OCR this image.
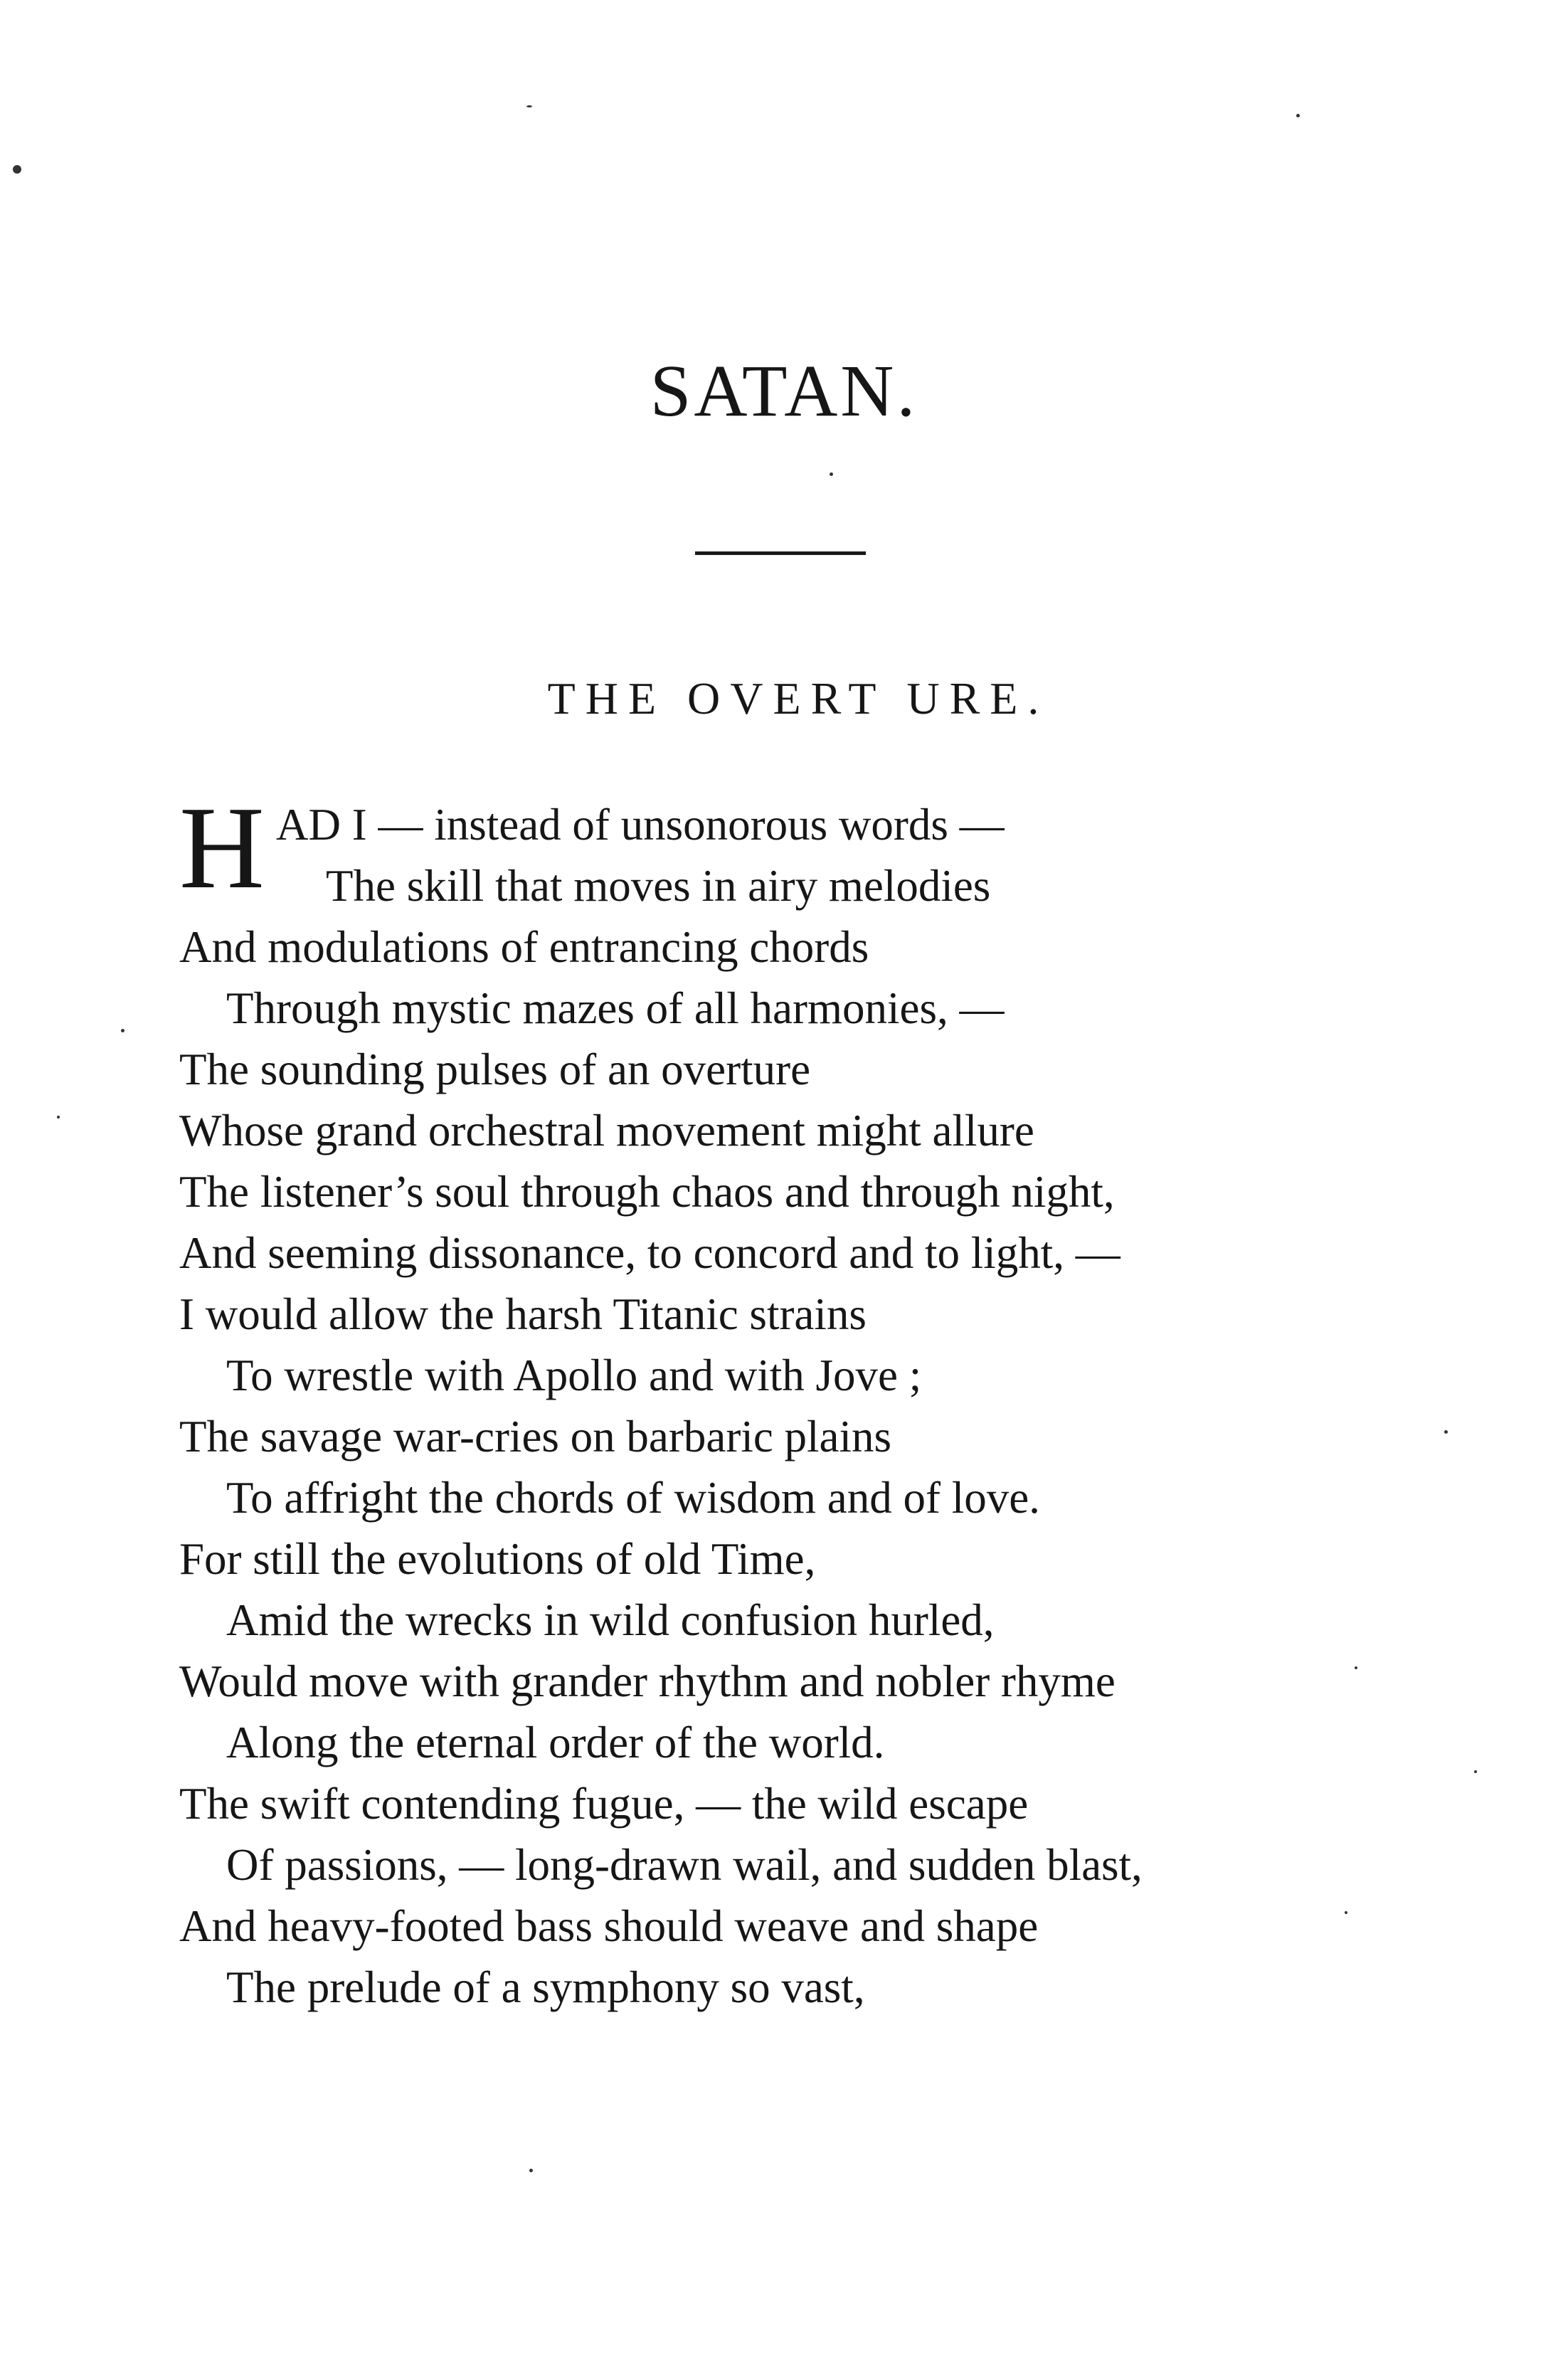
SATAN.
THE OVERT URE.
H AD I — instead of unsonorous words —
The skill that moves in airy melodies
And modulations of entrancing chords
Through mystic mazes of all harmonies, —
The sounding pulses of an overture
Whose grand orchestral movement might allure
The listener’s soul through chaos and through night,
And seeming dissonance, to concord and to light, —
I would allow the harsh Titanic strains
To wrestle with Apollo and with Jove ;
The savage war-cries on barbaric plains
To affright the chords of wisdom and of love.
For still the evolutions of old Time,
Amid the wrecks in wild confusion hurled,
Would move with grander rhythm and nobler rhyme
Along the eternal order of the world.
The swift contending fugue, — the wild escape
Of passions, — long-drawn wail, and sudden blast,
And heavy-footed bass should weave and shape
The prelude of a symphony so vast,
